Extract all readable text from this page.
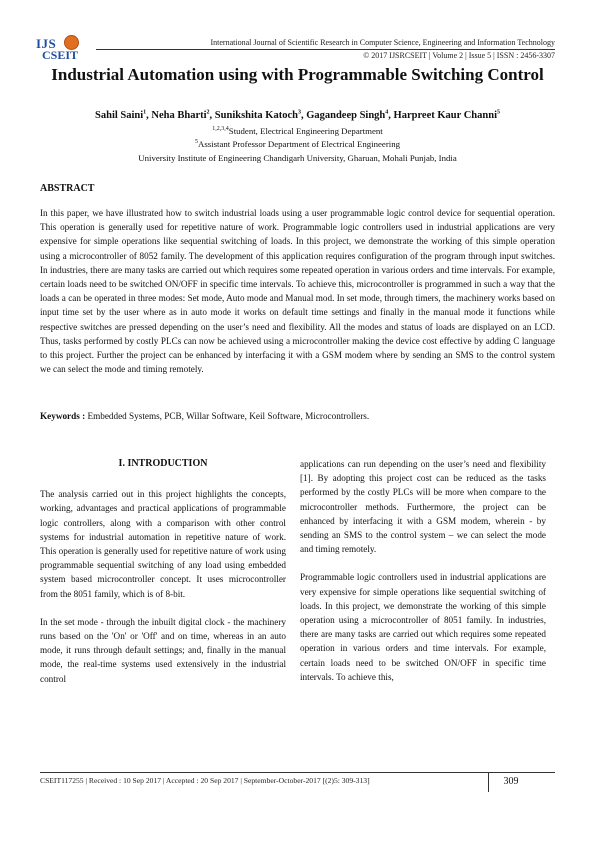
IJS
CSEIT
International Journal of Scientific Research in Computer Science, Engineering and Information Technology
© 2017 IJSRCSEIT | Volume 2 | Issue 5 | ISSN : 2456-3307
Industrial Automation using with Programmable Switching Control
Sahil Saini$^1$, Neha Bharti$^2$, Sunikshita Katoch$^3$, Gagandeep Singh$^4$, Harpreet Kaur Channi$^5$
$^{1,2,3,4}$Student, Electrical Engineering Department
$^5$Assistant Professor Department of Electrical Engineering
University Institute of Engineering Chandigarh University, Gharuan, Mohali Punjab, India
ABSTRACT

In this paper, we have illustrated how to switch industrial loads using a user programmable logic control device for sequential operation. This operation is generally used for repetitive nature of work. Programmable logic controllers used in industrial applications are very expensive for simple operations like sequential switching of loads. In this project, we demonstrate the working of this simple operation using a microcontroller of 8052 family. The development of this application requires configuration of the program through input switches. In industries, there are many tasks are carried out which requires some repeated operation in various orders and time intervals. For example, certain loads need to be switched ON/OFF in specific time intervals. To achieve this, microcontroller is programmed in such a way that the loads a can be operated in three modes: Set mode, Auto mode and Manual mod. In set mode, through timers, the machinery works based on input time set by the user where as in auto mode it works on default time settings and finally in the manual mode it functions while respective switches are pressed depending on the user’s need and flexibility. All the modes and status of loads are displayed on an LCD. Thus, tasks performed by costly PLCs can now be achieved using a microcontroller making the device cost effective by adding C language to this project. Further the project can be enhanced by interfacing it with a GSM modem where by sending an SMS to the control system we can select the mode and timing remotely.

Keywords : Embedded Systems, PCB, Willar Software, Keil Software, Microcontrollers.

I. INTRODUCTION

The analysis carried out in this project highlights the concepts, working, advantages and practical applications of programmable logic controllers, along with a comparison with other control systems for industrial automation in repetitive nature of work. This operation is generally used for repetitive nature of work using programmable sequential switching of any load using embedded system based microcontroller concept. It uses microcontroller from the 8051 family, which is of 8-bit.

In the set mode - through the inbuilt digital clock - the machinery runs based on the 'On' or 'Off' and on time, whereas in an auto mode, it runs through default settings; and, finally in the manual mode, the real-time systems used extensively in the industrial control

applications can run depending on the user’s need and flexibility [1]. By adopting this project cost can be reduced as the tasks performed by the costly PLCs will be more when compare to the microcontroller methods. Furthermore, the project can be enhanced by interfacing it with a GSM modem, wherein - by sending an SMS to the control system – we can select the mode and timing remotely.

Programmable logic controllers used in industrial applications are very expensive for simple operations like sequential switching of loads. In this project, we demonstrate the working of this simple operation using a microcontroller of 8051 family. In industries, there are many tasks are carried out which requires some repeated operation in various orders and time intervals. For example, certain loads need to be switched ON/OFF in specific time intervals. To achieve this,

CSEIT117255 | Received : 10 Sep 2017 | Accepted : 20 Sep 2017 | September-October-2017 [(2)5: 309-313]	309
